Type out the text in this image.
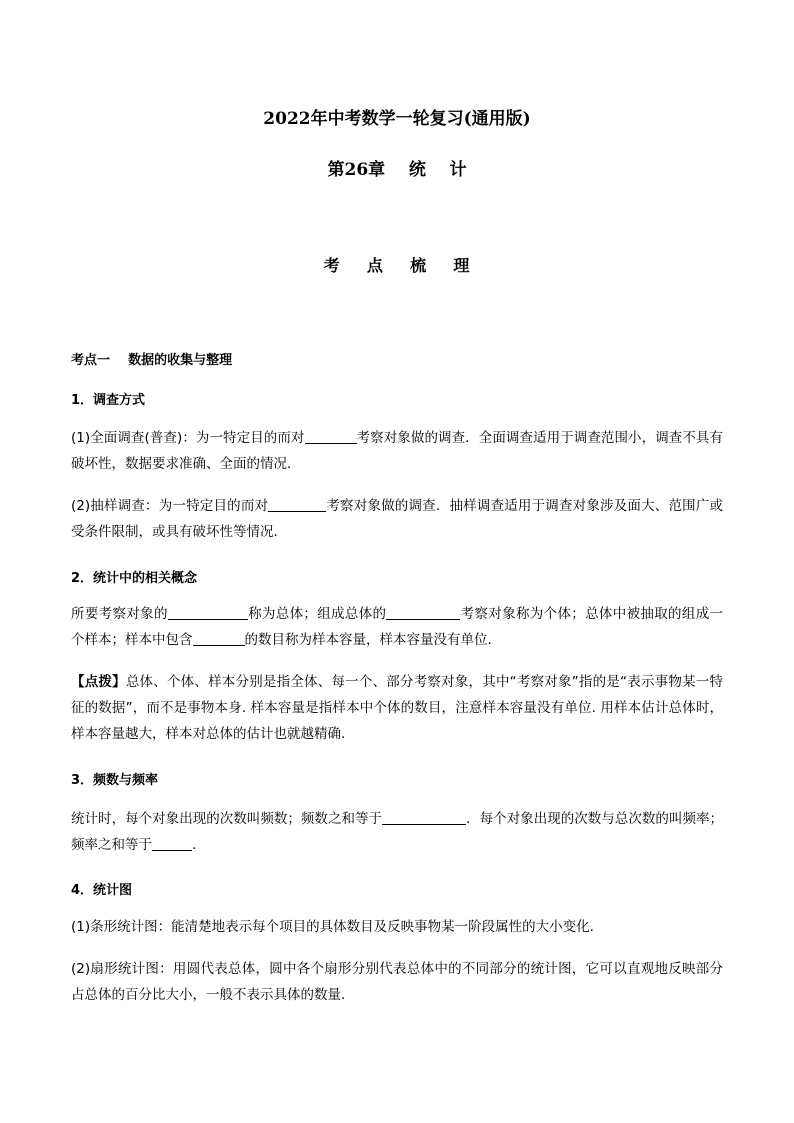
2022年中考数学一轮复习(通用版)
第26章    统    计
考    点    梳    理
考点一    数据的收集与整理
1．调查方式
(1)全面调查(普查)：为一特定目的而对	考察对象做的调查．全面调查适用于调查范围小，调查不具有破坏性，数据要求准确、全面的情况．
(2)抽样调查：为一特定目的而对	考察对象做的调查．抽样调查适用于调查对象涉及面大、范围广或受条件限制，或具有破坏性等情况．
2．统计中的相关概念
所要考察对象的	称为总体；组成总体的	考察对象称为个体；总体中被抽取的组成一个样本；样本中包含	的数目称为样本容量，样本容量没有单位．
【点拨】总体、个体、样本分别是指全体、每一个、部分考察对象，其中“考察对象”指的是“表示事物某一特征的数据”，而不是事物本身. 样本容量是指样本中个体的数目，注意样本容量没有单位. 用样本估计总体时，样本容量越大，样本对总体的估计也就越精确.
3．频数与频率
统计时，每个对象出现的次数叫频数；频数之和等于	．每个对象出现的次数与总次数的叫频率；频率之和等于	.
4．统计图
(1)条形统计图：能清楚地表示每个项目的具体数目及反映事物某一阶段属性的大小变化．
(2)扇形统计图：用圆代表总体，圆中各个扇形分别代表总体中的不同部分的统计图，它可以直观地反映部分占总体的百分比大小，一般不表示具体的数量．
